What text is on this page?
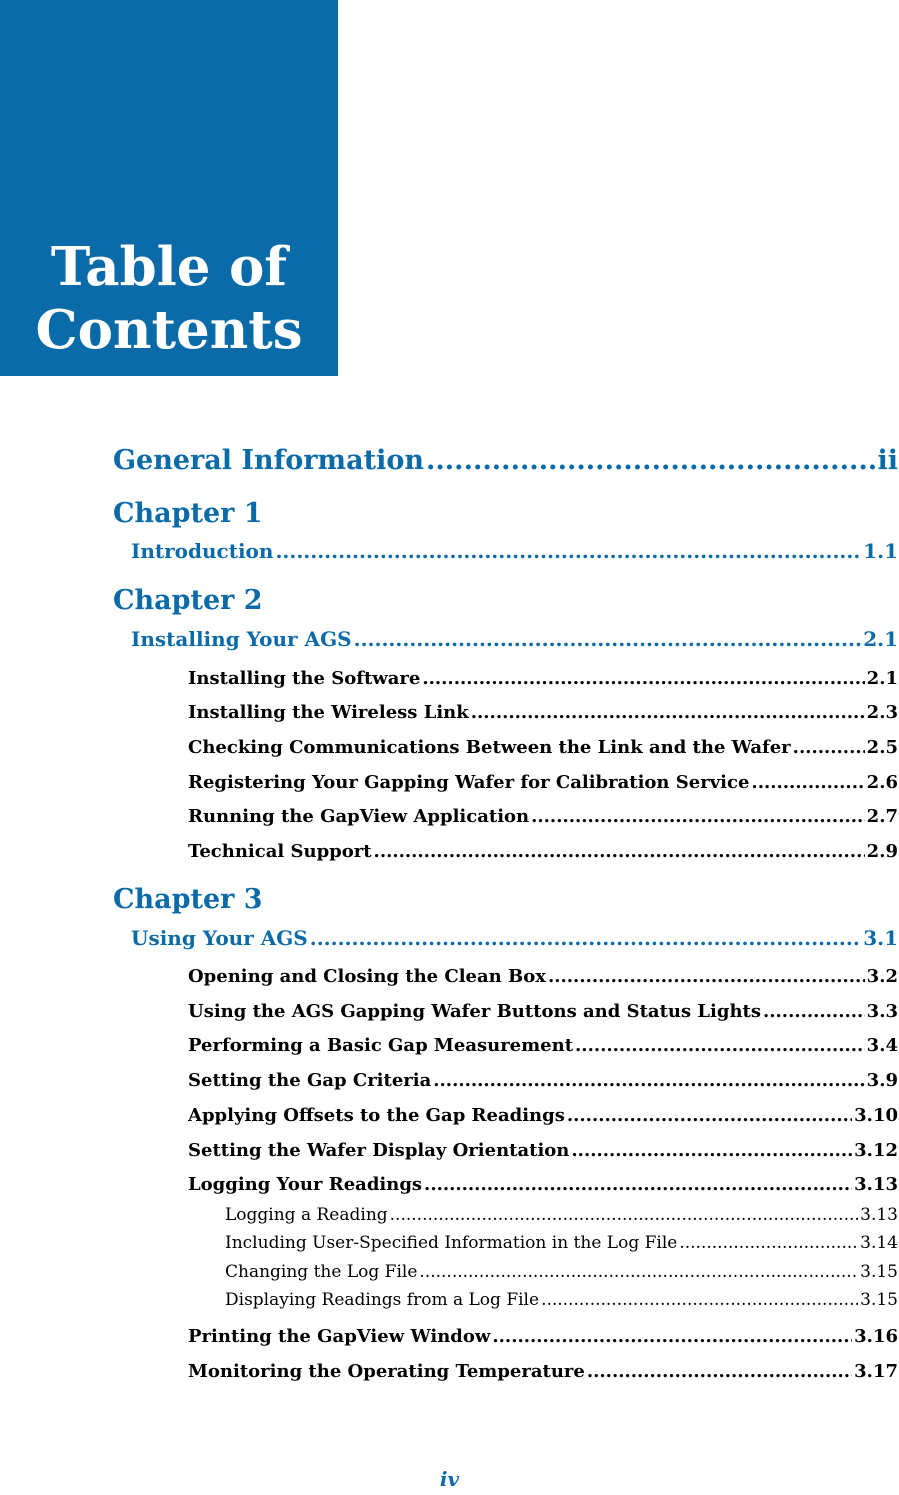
Table of
Contents
General Information .....	ii
Chapter 1
Introduction .....	1.1
Chapter 2
Installing Your AGS .....	2.1
Installing the Software .....	2.1
Installing the Wireless Link .....	2.3
Checking Communications Between the Link and the Wafer .....	2.5
Registering Your Gapping Wafer for Calibration Service .....	2.6
Running the GapView Application .....	2.7
Technical Support .....	2.9
Chapter 3
Using Your AGS .....	3.1
Opening and Closing the Clean Box .....	3.2
Using the AGS Gapping Wafer Buttons and Status Lights .....	3.3
Performing a Basic Gap Measurement .....	3.4
Setting the Gap Criteria .....	3.9
Applying Offsets to the Gap Readings .....	3.10
Setting the Wafer Display Orientation .....	3.12
Logging Your Readings .....	3.13
Logging a Reading .....	3.13
Including User-Specified Information in the Log File .....	3.14
Changing the Log File .....	3.15
Displaying Readings from a Log File .....	3.15
Printing the GapView Window .....	3.16
Monitoring the Operating Temperature .....	3.17
iv
